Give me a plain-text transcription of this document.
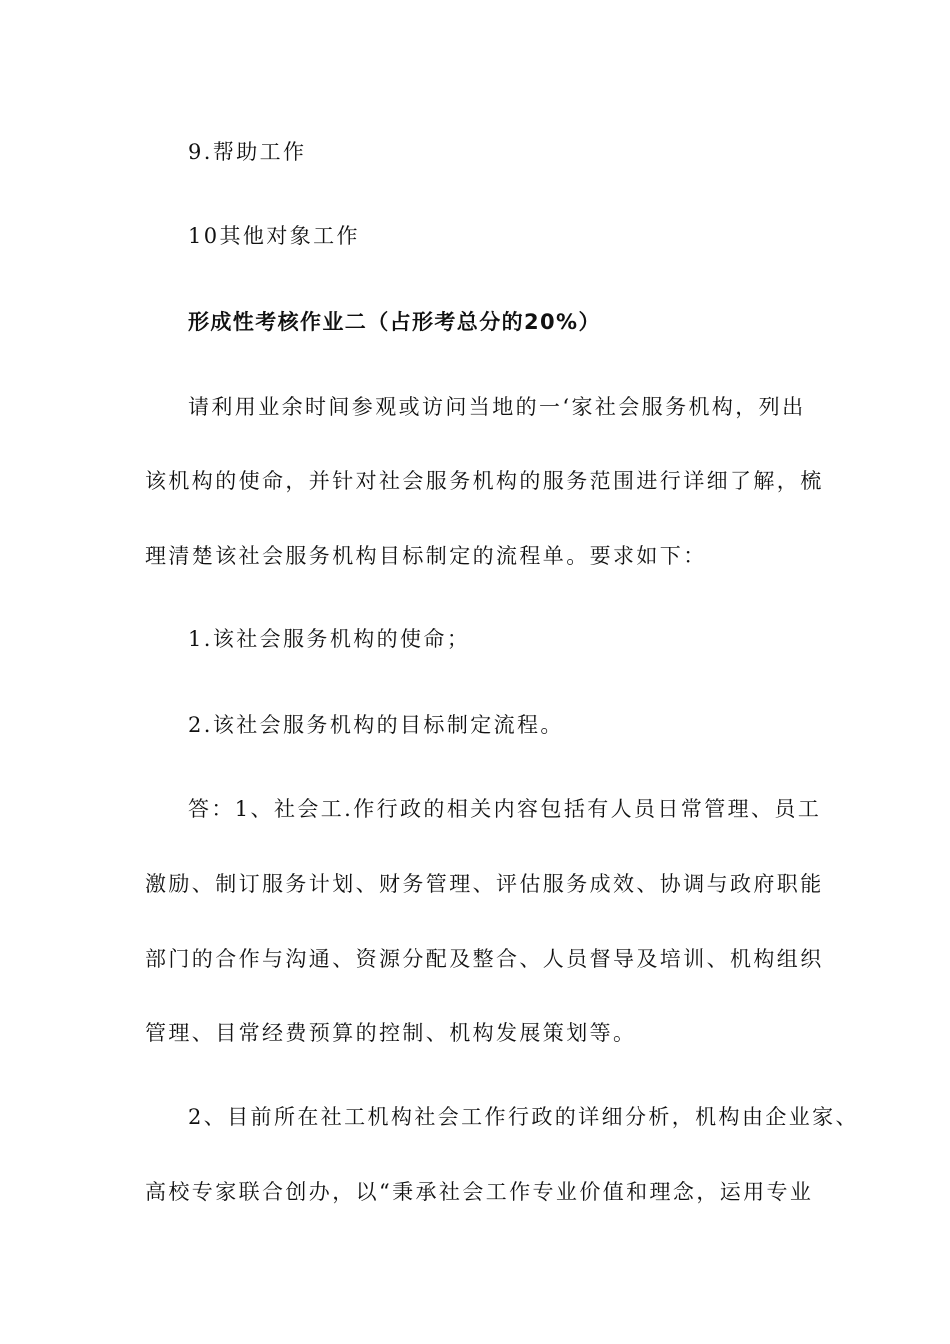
9.帮助工作
10其他对象工作
形成性考核作业二（占形考总分的20%）
请利用业余时间参观或访问当地的一‘家社会服务机构，列出
该机构的使命，并针对社会服务机构的服务范围进行详细了解，梳
理清楚该社会服务机构目标制定的流程单。要求如下：
1.该社会服务机构的使命；
2.该社会服务机构的目标制定流程。
答：1、社会工.作行政的相关内容包括有人员日常管理、员工
激励、制订服务计划、财务管理、评估服务成效、协调与政府职能
部门的合作与沟通、资源分配及整合、人员督导及培训、机构组织
管理、目常经费预算的控制、机构发展策划等。
2、目前所在社工机构社会工作行政的详细分析，机构由企业家、
高校专家联合创办，以“秉承社会工作专业价值和理念，运用专业
